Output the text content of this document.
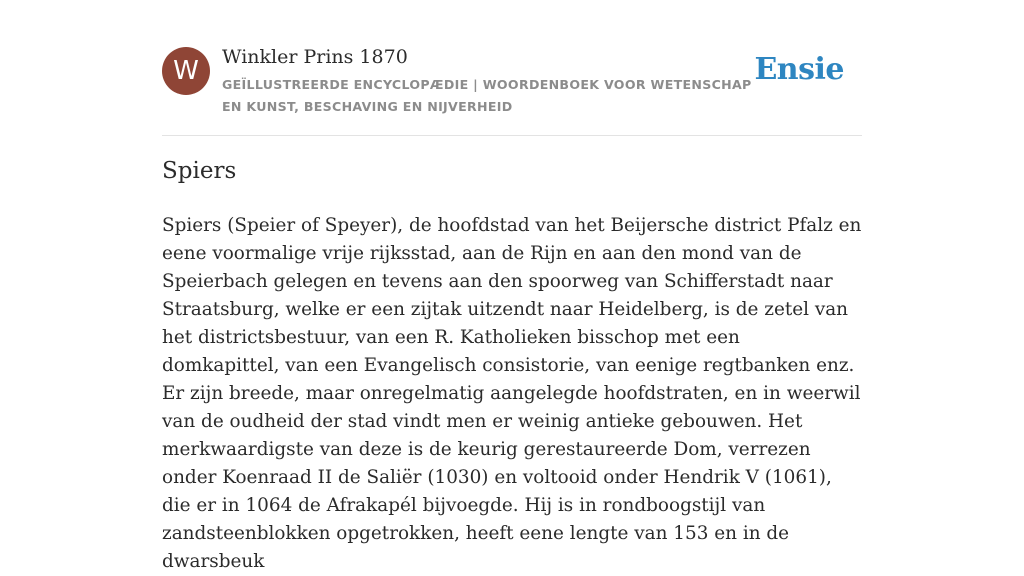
W	Winkler Prins 1870
GEÏLLUSTREERDE ENCYCLOPÆDIE | WOORDENBOEK VOOR WETENSCHAP EN KUNST, BESCHAVING EN NIJVERHEID
Ensie
Spiers

Spiers (Speier of Speyer), de hoofdstad van het Beijersche district Pfalz en eene voormalige vrije rijksstad, aan de Rijn en aan den mond van de Speierbach gelegen en tevens aan den spoorweg van Schifferstadt naar Straatsburg, welke er een zijtak uitzendt naar Heidelberg, is de zetel van het districtsbestuur, van een R. Katholieken bisschop met een domkapittel, van een Evangelisch consistorie, van eenige regtbanken enz. Er zijn breede, maar onregelmatig aangelegde hoofdstraten, en in weerwil van de oudheid der stad vindt men er weinig antieke gebouwen. Het merkwaardigste van deze is de keurig gerestaureerde Dom, verrezen onder Koenraad II de Saliër (1030) en voltooid onder Hendrik V (1061), die er in 1064 de Afrakapél bijvoegde. Hij is in rondboogstijl van zandsteenblokken opgetrokken, heeft eene lengte van 153 en in de dwarsbeuk
